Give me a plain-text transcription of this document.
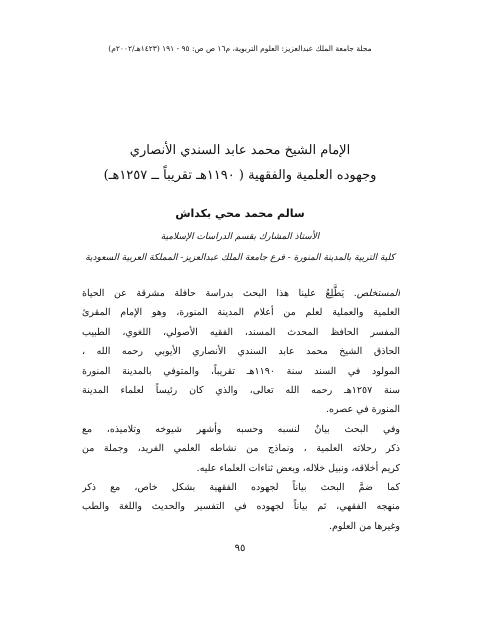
مجلة جامعة الملك عبدالعزيز: العلوم التربوية، م١٦ ص ص: ٩٥ - ١٩١ (١٤٢٣هـ/٢٠٠٢م)
الإمام الشيخ محمد عابد السندي الأنصاري
وجهوده العلمية والفقهية ( ١١٩٠هـ تقريباً ــ ١٢٥٧هـ)
سالم محمد محي بكداش
الأستاذ المشارك بقسم الدراسات الإسلامية
كلية التربية بالمدينة المنورة - فرع جامعة الملك عبدالعزيز- المملكة العربية السعودية
المستخلص. يَطَّلِعُ علينا هذا البحث بدراسة حافلة مشرقة عن الحياة
العلمية والعملية لعلم من أعلام المدينة المنورة، وهو الإمام المقرئ
المفسر الحافظ المحدث المسند، الفقيه الأصولي، اللغوي، الطبيب
الحاذق الشيخ محمد عابد السندي الأنصاري الأيوبي رحمه الله ،
المولود في السند سنة ١١٩٠هـ تقريباً، والمتوفي بالمدينة المنورة
سنة ١٢٥٧هـ رحمه الله تعالى، والذي كان رئيساً لعلماء المدينة
المنورة في عصره.
وفي البحث بيانٌ لنسبه وحسبه وأشهر شيوخه وتلاميذه، مع
ذكر رحلاته العلمية ، ونماذج من نشاطه العلمي الفريد، وجملة من
كريم أخلاقه، ونبيل خلاله، وبعض ثناءات العلماء عليه.
كما ضمَّ البحث بياناً لجهوده الفقهية بشكل خاص، مع ذكر
منهجه الفقهي، ثم بياناً لجهوده في التفسير والحديث واللغة والطب
وغيرها من العلوم.
٩٥
